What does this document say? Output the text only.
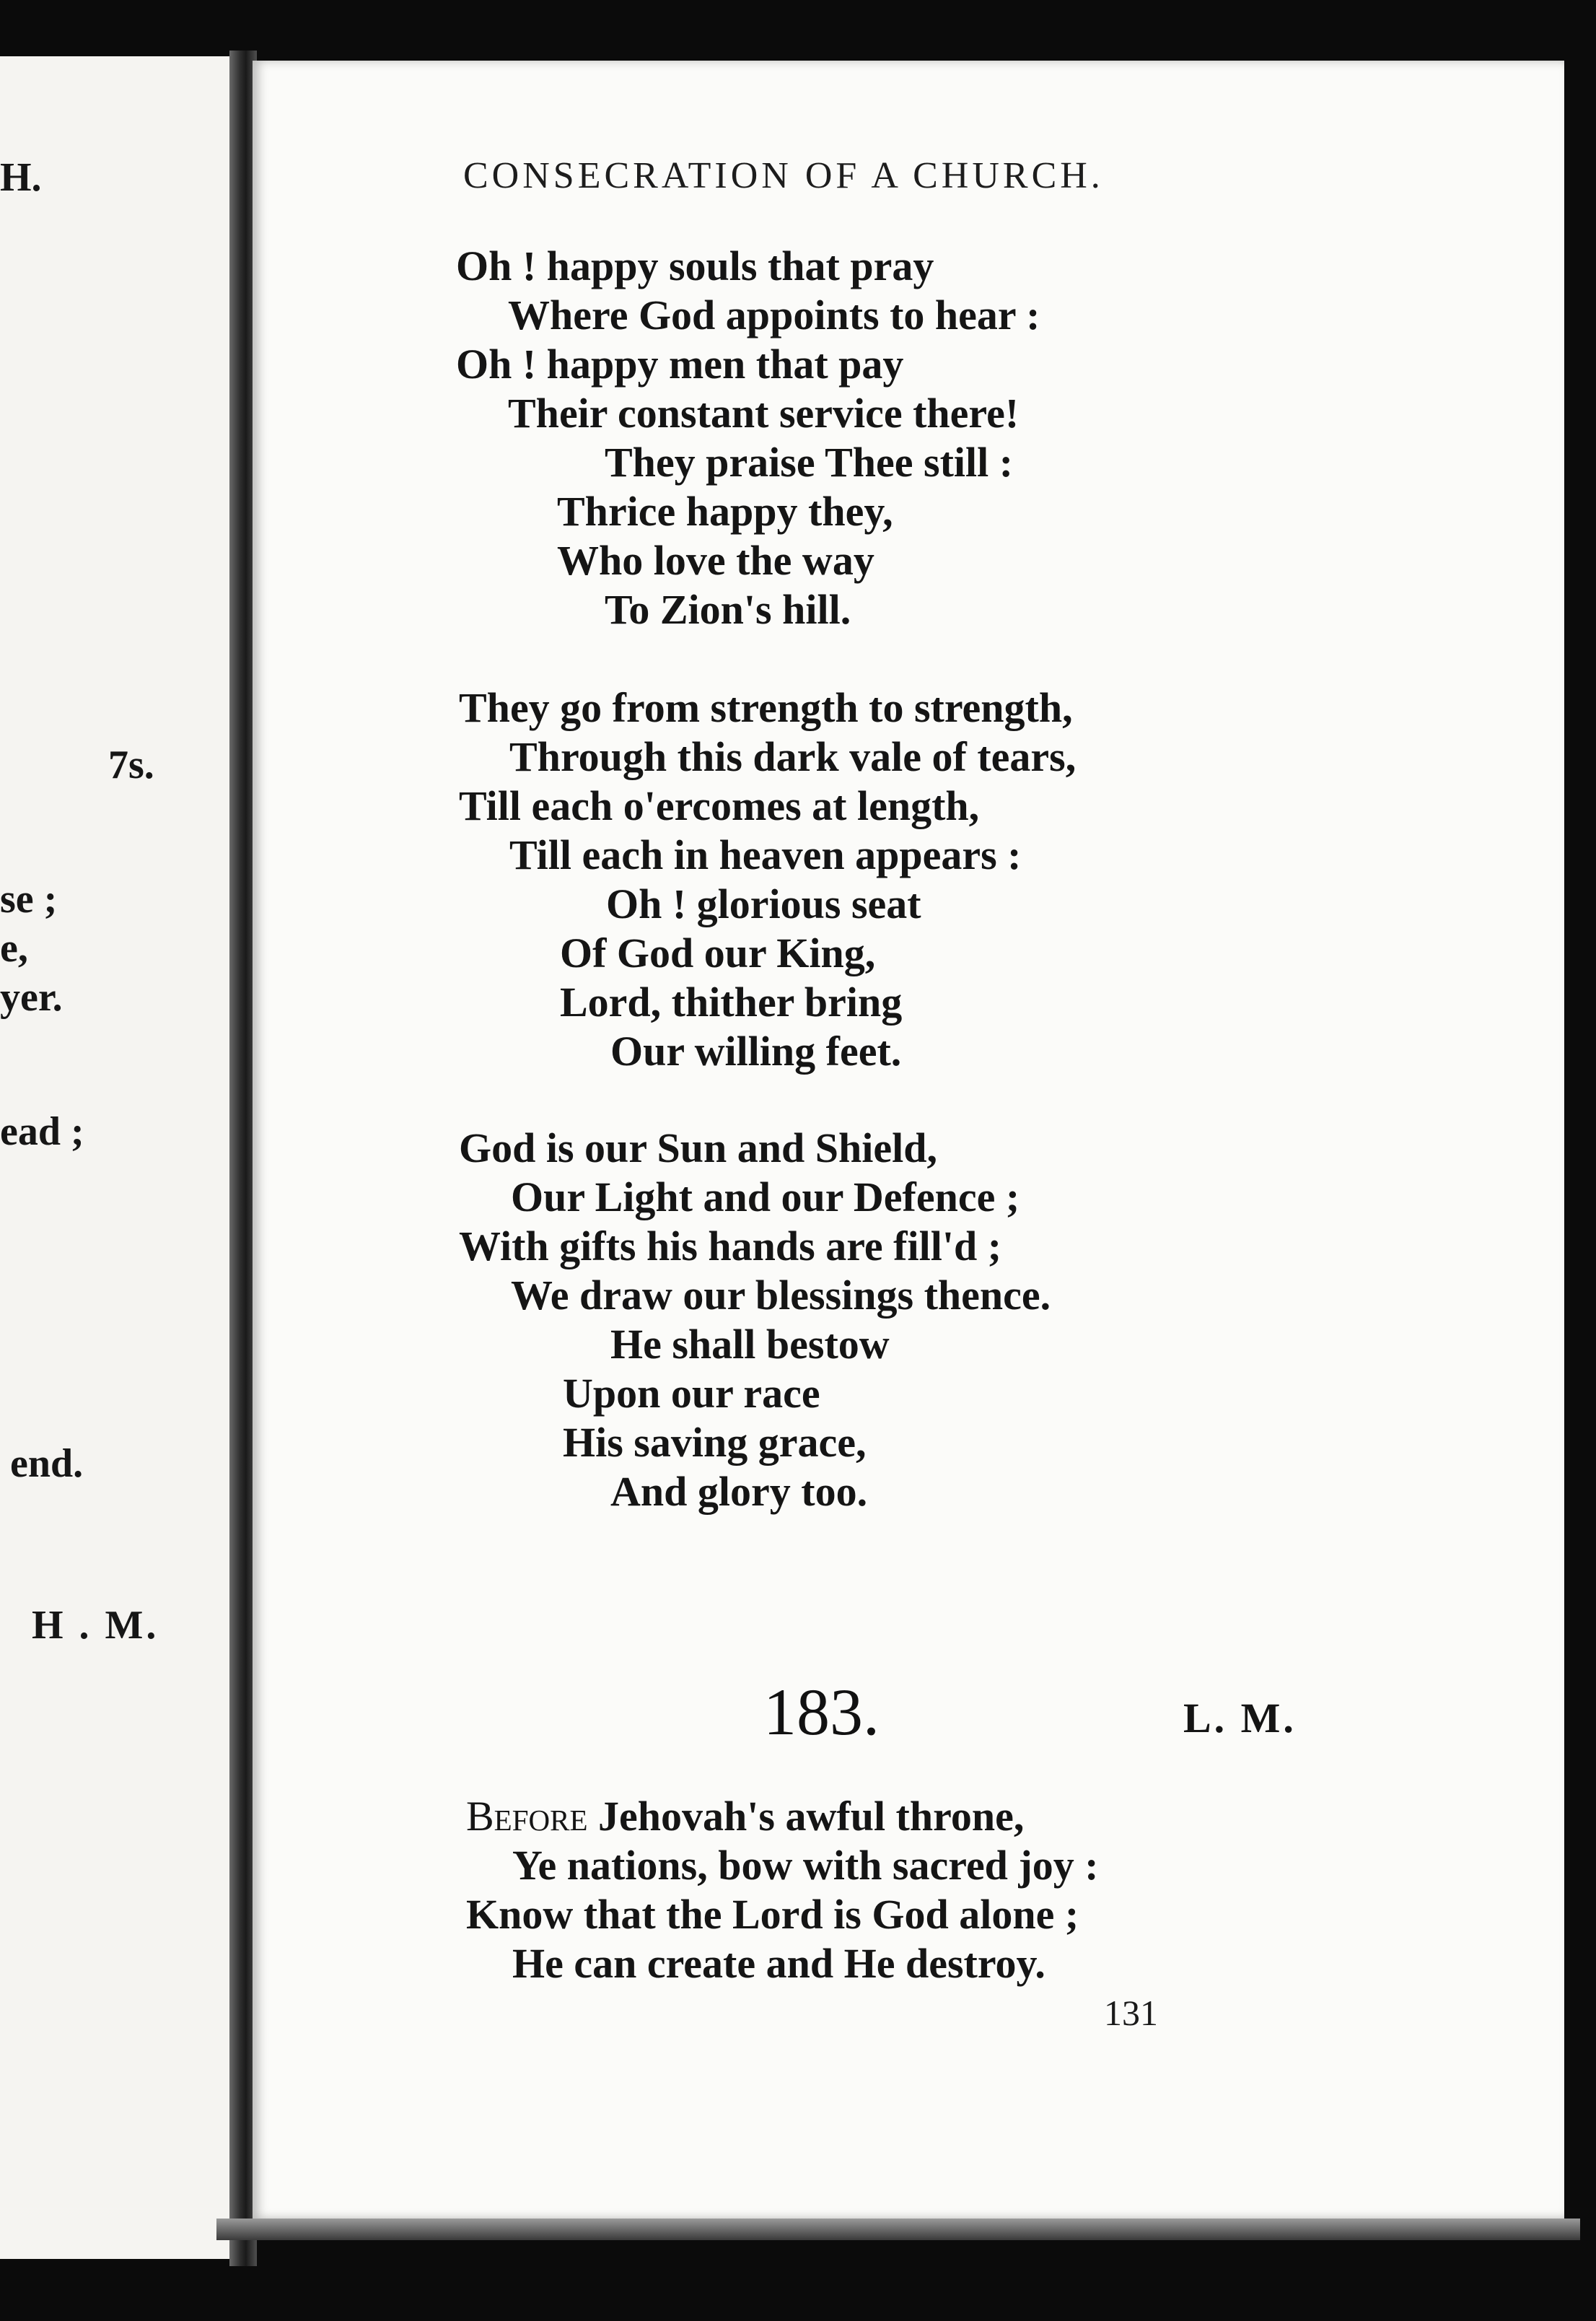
H.
7s.
se ;
e,
yer.
ead ;
end.
H . M.
CONSECRATION OF A CHURCH.
Oh ! happy souls that pray
Where God appoints to hear :
Oh ! happy men that pay
Their constant service there!
They praise Thee still :
Thrice happy they,
Who love the way
To Zion's hill.
They go from strength to strength,
Through this dark vale of tears,
Till each o'ercomes at length,
Till each in heaven appears :
Oh ! glorious seat
Of God our King,
Lord, thither bring
Our willing feet.
God is our Sun and Shield,
Our Light and our Defence ;
With gifts his hands are fill'd ;
We draw our blessings thence.
He shall bestow
Upon our race
His saving grace,
And glory too.
183.	L. M.
Before Jehovah's awful throne,
Ye nations, bow with sacred joy :
Know that the Lord is God alone ;
He can create and He destroy.
131
